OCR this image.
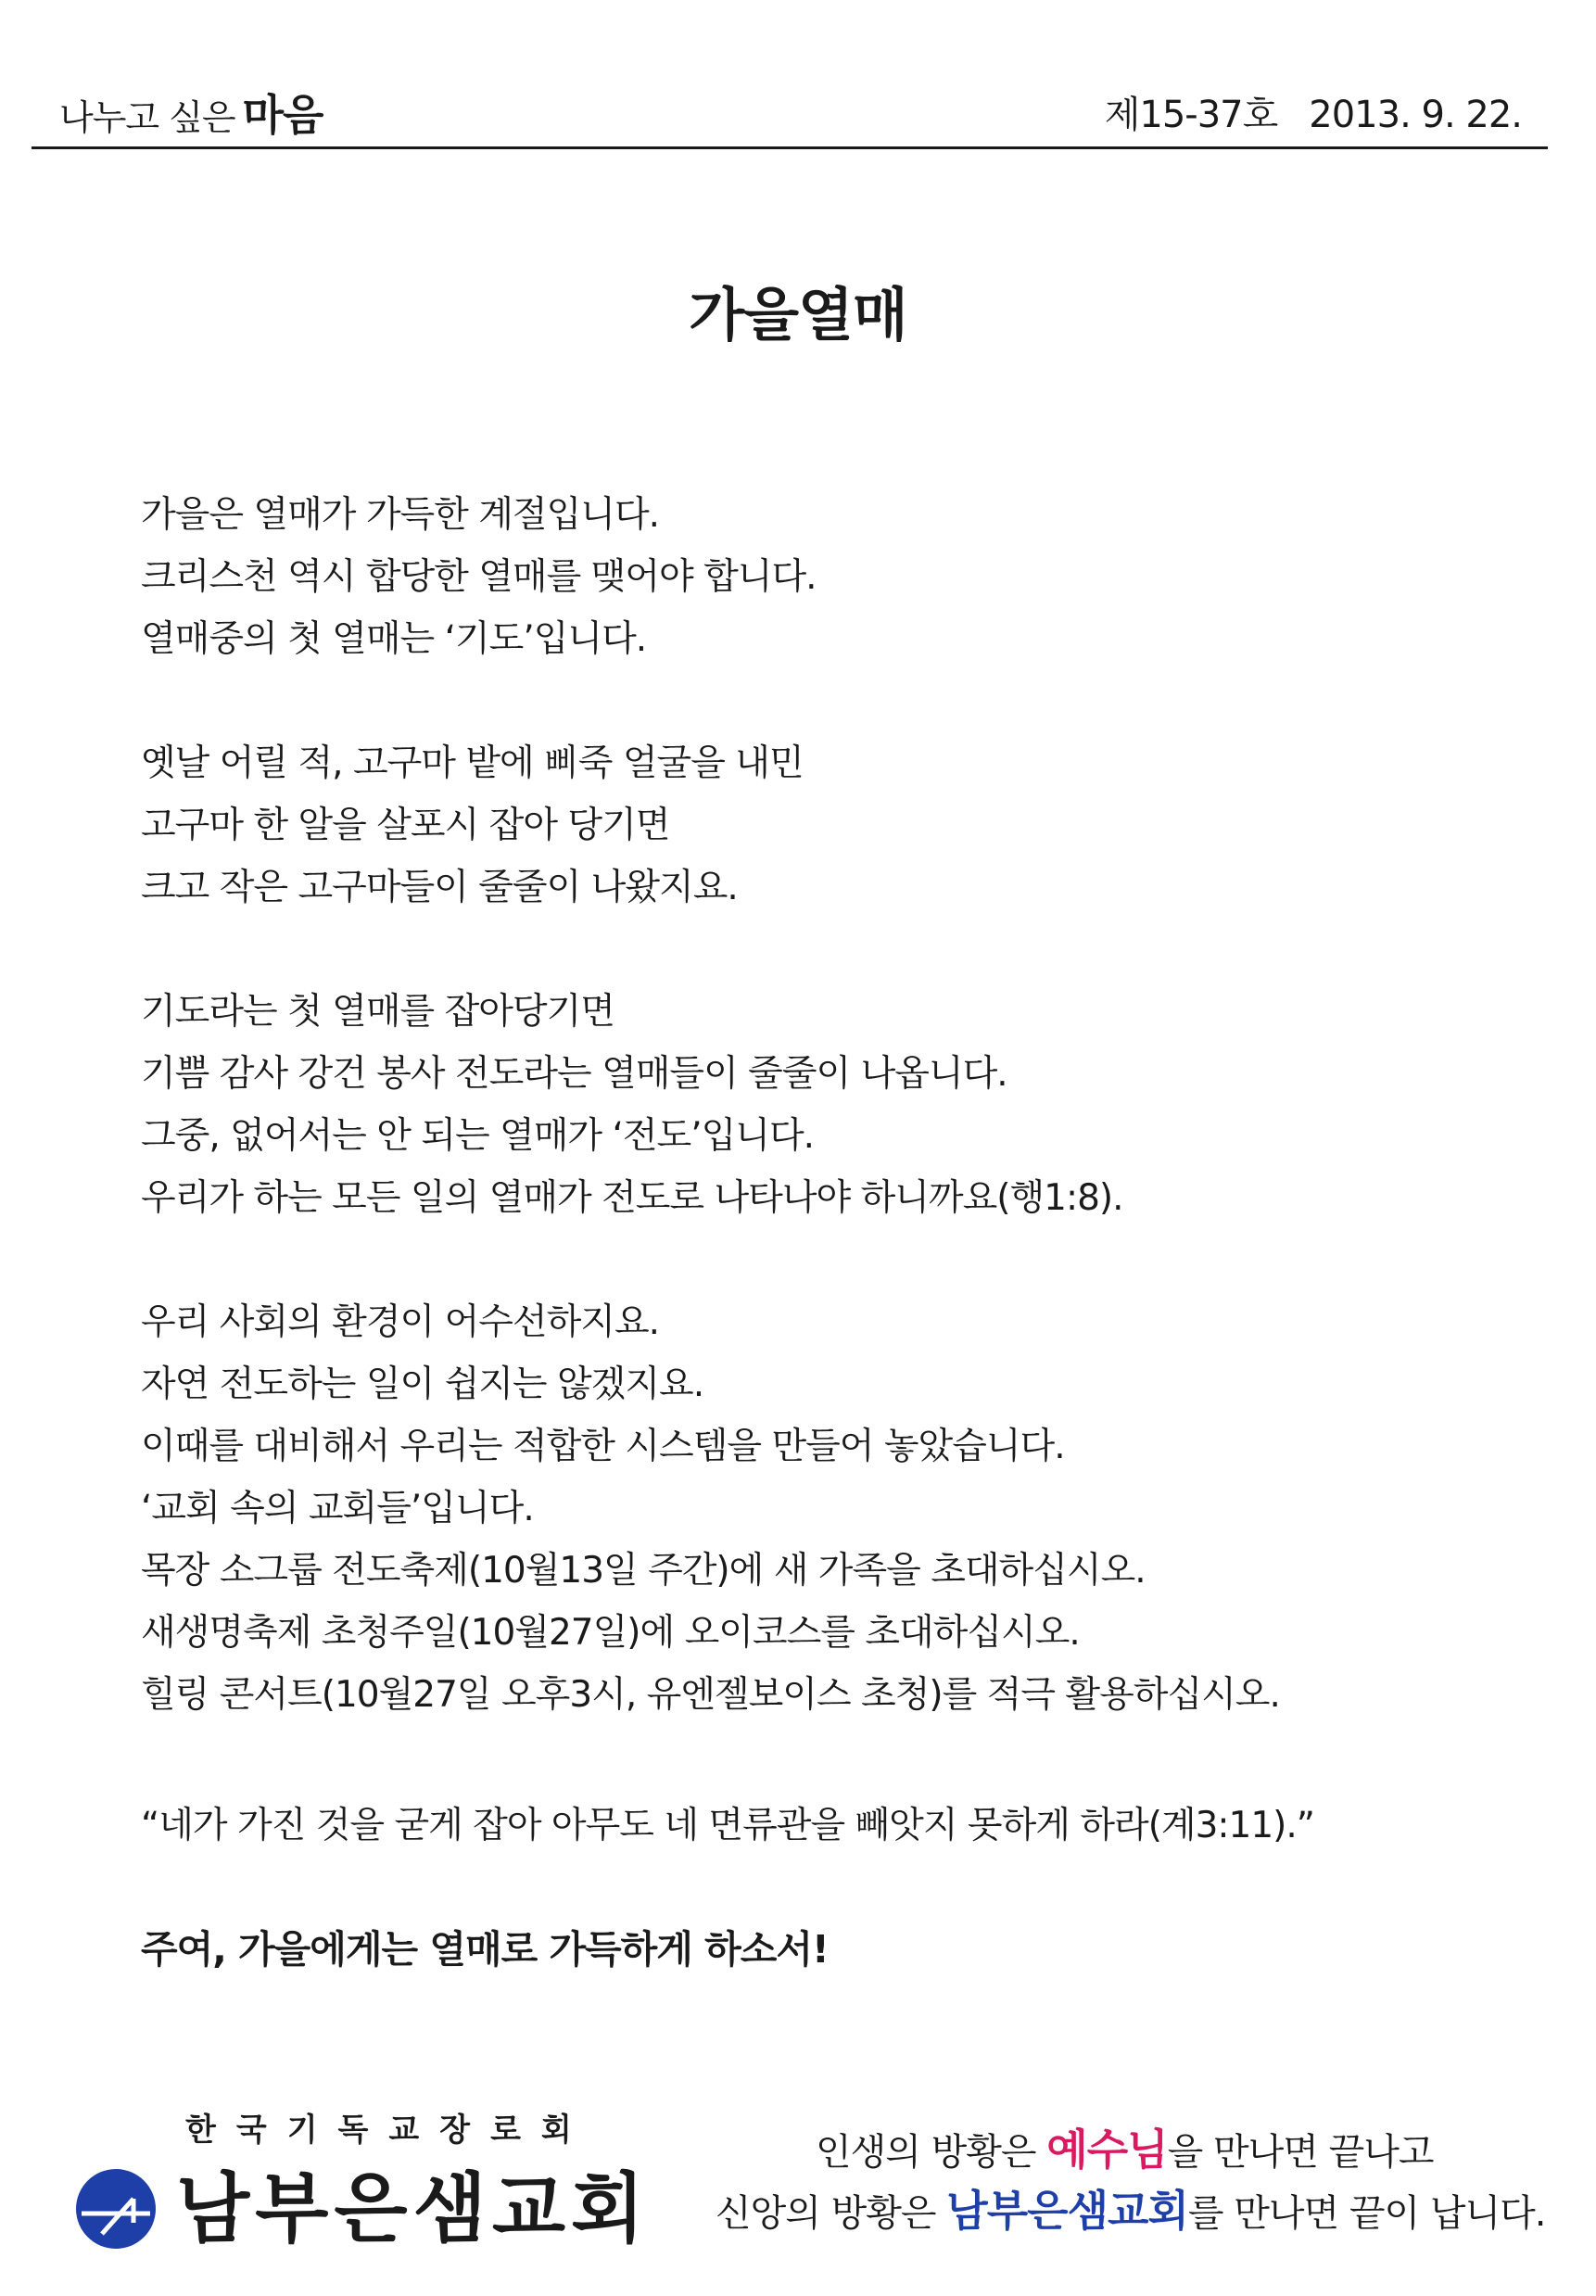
나누고 싶은 마음	제15-37호 2013. 9. 22.
가을열매
가을은 열매가 가득한 계절입니다.
크리스천 역시 합당한 열매를 맺어야 합니다.
열매중의 첫 열매는 ‘기도’입니다.
옛날 어릴 적, 고구마 밭에 삐죽 얼굴을 내민
고구마 한 알을 살포시 잡아 당기면
크고 작은 고구마들이 줄줄이 나왔지요.
기도라는 첫 열매를 잡아당기면
기쁨 감사 강건 봉사 전도라는 열매들이 줄줄이 나옵니다.
그중, 없어서는 안 되는 열매가 ‘전도’입니다.
우리가 하는 모든 일의 열매가 전도로 나타나야 하니까요(행1:8).
우리 사회의 환경이 어수선하지요.
자연 전도하는 일이 쉽지는 않겠지요.
이때를 대비해서 우리는 적합한 시스템을 만들어 놓았습니다.
‘교회 속의 교회들’입니다.
목장 소그룹 전도축제(10월13일 주간)에 새 가족을 초대하십시오.
새생명축제 초청주일(10월27일)에 오이코스를 초대하십시오.
힐링 콘서트(10월27일 오후3시, 유엔젤보이스 초청)를 적극 활용하십시오.
“네가 가진 것을 굳게 잡아 아무도 네 면류관을 빼앗지 못하게 하라(계3:11).”
주여, 가을에게는 열매로 가득하게 하소서!
한국기독교장로회
남부은샘교회
인생의 방황은 예수님을 만나면 끝나고
신앙의 방황은 남부은샘교회를 만나면 끝이 납니다.
